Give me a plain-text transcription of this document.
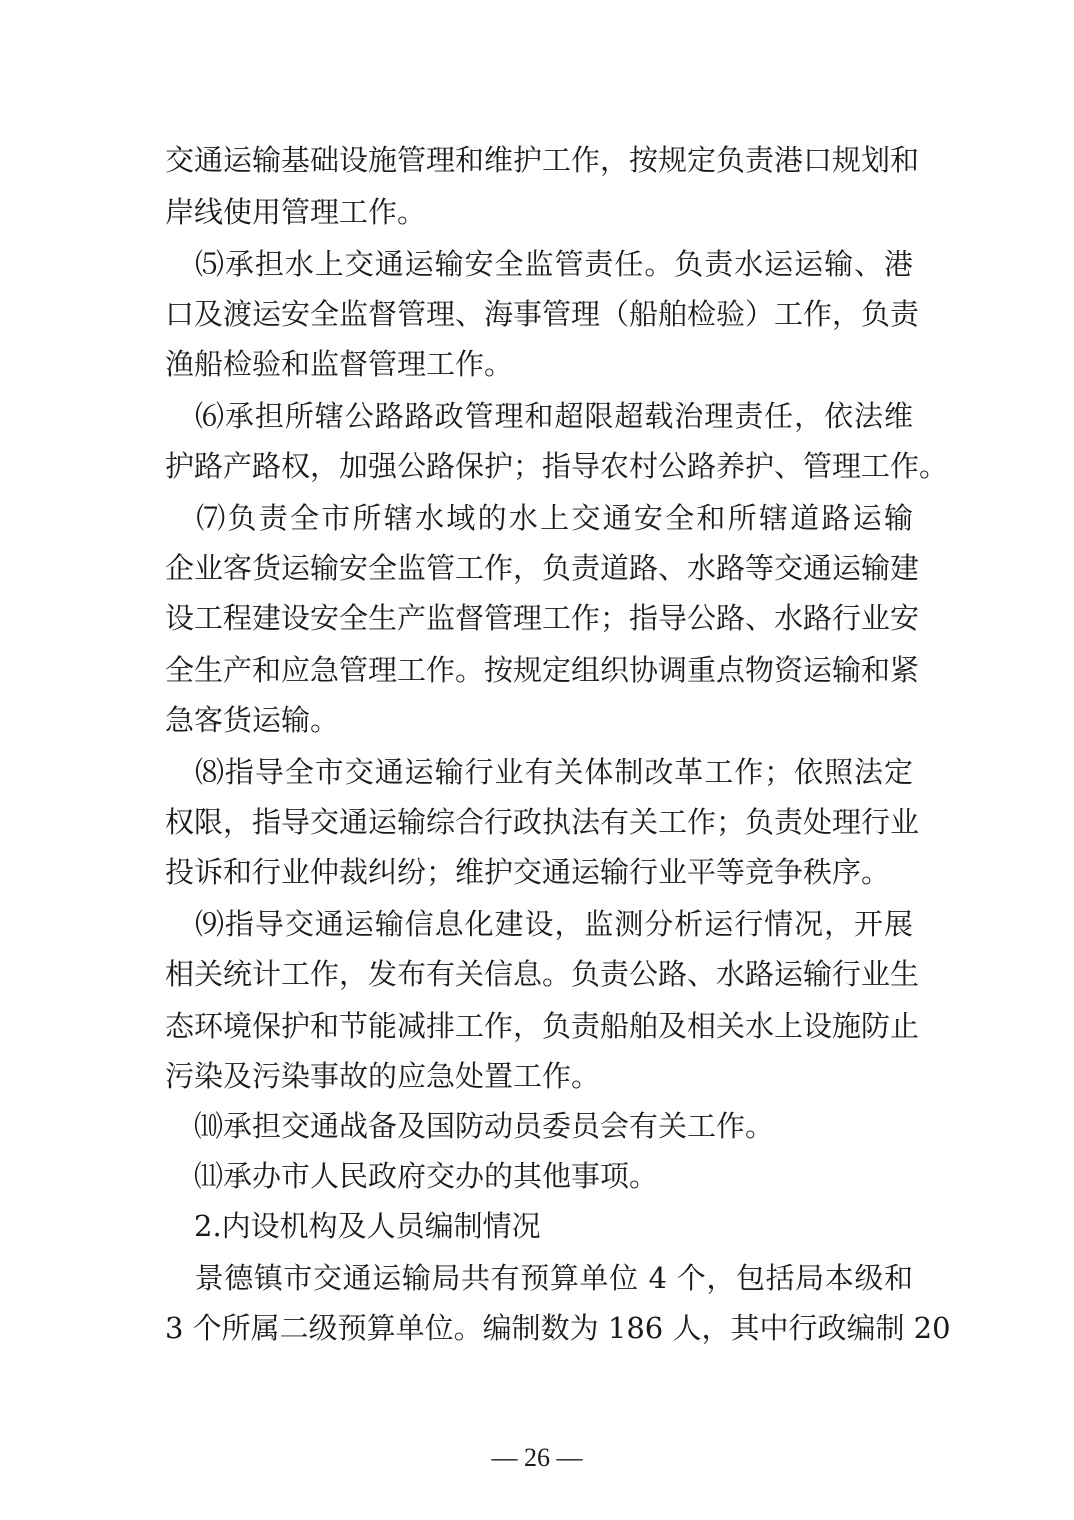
交通运输基础设施管理和维护工作，按规定负责港口规划和
岸线使用管理工作。
　⑸承担水上交通运输安全监管责任。负责水运运输、港
口及渡运安全监督管理、海事管理（船舶检验）工作，负责
渔船检验和监督管理工作。
　⑹承担所辖公路路政管理和超限超载治理责任，依法维
护路产路权，加强公路保护；指导农村公路养护、管理工作。
　⑺负责全市所辖水域的水上交通安全和所辖道路运输
企业客货运输安全监管工作，负责道路、水路等交通运输建
设工程建设安全生产监督管理工作；指导公路、水路行业安
全生产和应急管理工作。按规定组织协调重点物资运输和紧
急客货运输。
　⑻指导全市交通运输行业有关体制改革工作；依照法定
权限，指导交通运输综合行政执法有关工作；负责处理行业
投诉和行业仲裁纠纷；维护交通运输行业平等竞争秩序。
　⑼指导交通运输信息化建设，监测分析运行情况，开展
相关统计工作，发布有关信息。负责公路、水路运输行业生
态环境保护和节能减排工作，负责船舶及相关水上设施防止
污染及污染事故的应急处置工作。
　⑽承担交通战备及国防动员委员会有关工作。
　⑾承办市人民政府交办的其他事项。
　2.内设机构及人员编制情况
　景德镇市交通运输局共有预算单位 4 个，包括局本级和
3 个所属二级预算单位。编制数为 186 人，其中行政编制 20
— 26 —
